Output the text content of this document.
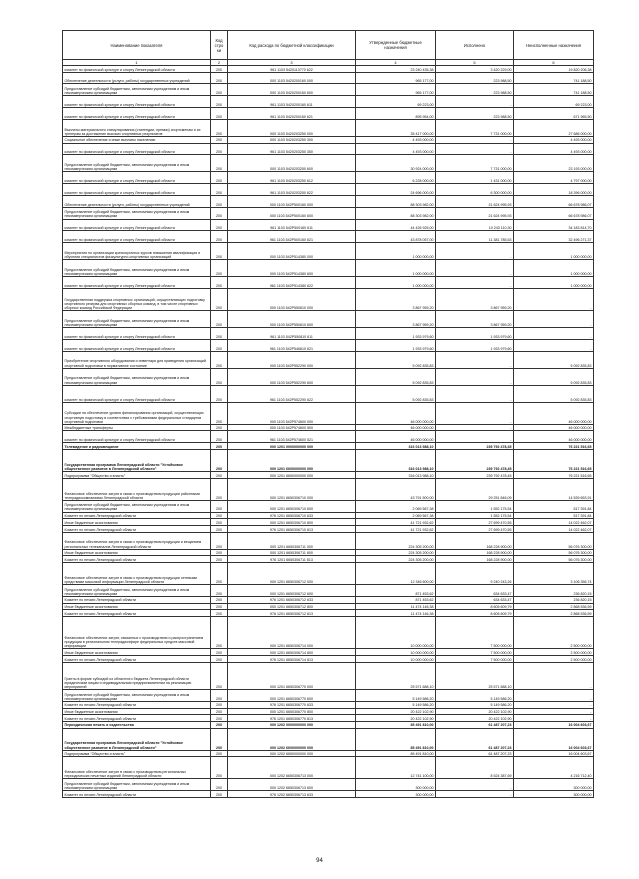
Наименование показателя	Код стро ки	Код расхода по бюджетной классификации	Утвержденные бюджетные назначения	Исполнено	Неисполненные назначения
1	2	3	4	5	6
комитет по физической культуре и спорту Ленинградской области	200	961 1103 5420113770 622	23 240 435,38	3 420 229,00	19 820 206,38
Обеспечение деятельности (услуги, работы) государственных учреждений	200	000 1103 5420200160 000	965 177,00	223 988,50	741 188,50
Предоставление субсидий бюджетным, автономным учреждениям и иным некоммерческим организациям	200	000 1103 5420200160 600	965 177,00	223 988,50	741 188,50
комитет по физической культуре и спорту Ленинградской области	200	961 1103 5420200160 611	69 223,00	-	69 223,00
комитет по физической культуре и спорту Ленинградской области	200	961 1103 5420200160 621	895 954,00	223 988,50	671 965,50
Выплаты материального стимулирования (стипендии, премии) спортсменам и их тренерам за достижение высоких спортивных результатов	200	000 1103 5420203250 000	35 417 000,00	7 731 000,00	27 686 000,00
Социальное обеспечение и иные выплаты населению	200	000 1103 5420203250 300	4 493 000,00	-	4 493 000,00
комитет по физической культуре и спорту Ленинградской области	200	961 1103 5420203250 350	4 493 000,00	-	4 493 000,00
Предоставление субсидий бюджетным, автономным учреждениям и иным некоммерческим организациям	200	000 1103 5420203250 600	30 924 000,00	7 731 000,00	23 193 000,00
комитет по физической культуре и спорту Ленинградской области	200	961 1103 5420203250 612	6 228 000,00	1 431 000,00	4 797 000,00
комитет по физической культуре и спорту Ленинградской области	200	961 1103 5420203250 622	24 696 000,00	6 300 000,00	18 396 000,00
Обеспечение деятельности (услуги, работы) государственных учреждений	200	000 1103 542P500160 000	88 303 982,00	21 624 995,93	66 678 986,07
Предоставление субсидий бюджетным, автономным учреждениям и иным некоммерческим организациям	200	000 1103 542P500160 600	88 303 982,00	21 624 995,93	66 678 986,07
комитет по физической культуре и спорту Ленинградской области	200	961 1103 542P500160 611	44 426 925,00	10 243 110,30	34 183 814,70
комитет по физической культуре и спорту Ленинградской области	200	961 1103 542P500160 621	43 878 057,00	11 381 785,63	32 496 271,37
Мероприятия по организации краткосрочных курсов повышения квалификации и обучения специалистов физкультурно-спортивных организаций	200	000 1103 542P514380 000	1 000 000,00	-	1 000 000,00
Предоставление субсидий бюджетным, автономным учреждениям и иным некоммерческим организациям	200	000 1103 542P514380 600	1 000 000,00	-	1 000 000,00
комитет по физической культуре и спорту Ленинградской области	200	961 1103 542P514380 622	1 000 000,00	-	1 000 000,00
Государственная поддержка спортивных организаций, осуществляющих подготовку спортивного резерва для спортивных сборных команд, в том числе спортивных сборных команд Российской Федерации	200	000 1103 542P550810 000	3 867 959,20	3 867 959,20	-
Предоставление субсидий бюджетным, автономным учреждениям и иным некоммерческим организациям	200	000 1103 542P550810 600	3 867 959,20	3 867 959,20	-
комитет по физической культуре и спорту Ленинградской области	200	961 1103 542P550810 611	1 933 979,60	1 933 979,60	-
комитет по физической культуре и спорту Ленинградской области	200	961 1103 542P546810 621	1 933 979,60	1 933 979,60	-
Приобретение спортивного оборудования и инвентаря для приведения организаций спортивной подготовки в нормативное состояние	200	000 1103 542P552290 000	5 092 835,83	-	5 092 835,83
Предоставление субсидий бюджетным, автономным учреждениям и иным некоммерческим организациям	200	000 1103 542P552290 600	5 092 835,83	-	5 092 835,83
комитет по физической культуре и спорту Ленинградской области	200	961 1103 542P552290 622	5 092 835,83	-	5 092 835,83
Субсидии на обеспечение уровня финансирования организаций, осуществляющих спортивную подготовку в соответствии с требованиями федеральных стандартов спортивной подготовки	200	000 1103 542P574600 000	46 000 000,00	-	46 000 000,00
Межбюджетные трансферты	200	000 1103 542P574600 500	46 000 000,00	-	46 000 000,00
комитет по физической культуре и спорту Ленинградской области	200	961 1103 542P574600 521	46 000 000,00	-	46 000 000,00
Телевидение и радиовещание	200	000 1201 0000000000 000	316 013 988,10	239 792 478,45	76 221 516,65
Государственная программа Ленинградской области "Устойчивое общественное развитие в Ленинградской области"	200	000 1201 6600000000 000	316 013 988,10	239 792 478,45	76 221 516,65
Подпрограмма "Общество и власть"	200	000 1201 6650000000 000	316 013 988,10	239 792 478,45	76 221 516,65
Финансовое обеспечение затрат в связи с производством продукции районными телерадиокомпаниями Ленинградской области	200	000 1201 6650306710 000	43 791 500,00	29 251 846,09	14 539 653,91
Предоставление субсидий бюджетным, автономным учреждениям и иным некоммерческим организациям	200	000 1201 6650306710 600	2 069 567,38	1 552 175,54	517 391,84
Комитет по печати Ленинградской области	200	976 1201 6650306710 633	2 069 567,38	1 552 175,54	517 391,84
Иные бюджетные ассигнования	200	000 1201 6650306710 800	41 721 932,62	27 699 470,55	14 022 462,07
Комитет по печати Ленинградской области	200	976 1201 6650306710 813	41 721 932,62	27 699 470,55	14 022 462,07
Финансовое обеспечение затрат в связи с производством продукции и вещанием региональных телеканалов Ленинградской области	200	000 1201 6650306711 000	224 305 200,00	168 228 900,00	56 076 300,00
Иные бюджетные ассигнования	200	000 1201 6650306711 800	224 305 200,00	168 228 900,00	56 076 300,00
Комитет по печати Ленинградской области	200	976 1201 6650306711 813	224 305 200,00	168 228 900,00	56 076 300,00
Финансовое обеспечение затрат в связи с производством продукции сетевыми средствами массовой информации Ленинградской области	200	000 1201 6650306712 000	12 346 600,00	9 240 243,26	3 106 356,74
Предоставление субсидий бюджетным, автономным учреждениям и иным некоммерческим организациям	200	000 1201 6650306712 600	871 453,62	634 633,47	236 820,15
Комитет по печати Ленинградской области	200	976 1201 6650306712 633	871 453,62	634 633,47	236 820,15
Иные бюджетные ассигнования	200	000 1201 6650306712 800	11 474 146,38	8 605 609,79	2 868 536,59
Комитет по печати Ленинградской области	200	976 1201 6650306712 813	11 474 146,38	8 605 609,79	2 868 536,59
Финансовое обеспечение затрат, связанных с производством и распространением продукции в региональном телерадиоэфире федеральных средств массовой информации	200	000 1201 6650306714 000	10 000 000,00	7 500 000,00	2 500 000,00
Иные бюджетные ассигнования	200	000 1201 6650306714 800	10 000 000,00	7 500 000,00	2 500 000,00
Комитет по печати Ленинградской области	200	976 1201 6650306714 813	10 000 000,00	7 500 000,00	2 500 000,00
Гранты в форме субсидий из областного бюджета Ленинградской области юридическим лицам и индивидуальным предпринимателям на реализацию мероприятий	200	000 1201 6650306770 000	25 571 688,10	25 571 688,10	-
Предоставление субсидий бюджетным, автономным учреждениям и иным некоммерческим организациям	200	000 1201 6650306770 600	5 149 586,20	5 149 586,20	-
Комитет по печати Ленинградской области	200	976 1201 6650306770 633	5 149 586,20	5 149 586,20	-
Иные бюджетные ассигнования	200	000 1201 6650306770 800	20 422 102,90	20 422 102,90	-
Комитет по печати Ленинградской области	200	976 1201 6650306770 813	20 422 102,90	20 422 102,90	-
Периодическая печать и издательства	200	000 1202 0000000000 000	85 491 810,00	61 487 207,23	16 004 603,67
Государственная программа Ленинградской области "Устойчивое общественное развитие в Ленинградской области"	200	000 1202 6600000000 000	85 491 810,00	61 487 207,23	16 004 603,67
Подпрограмма "Общество и власть"	200	000 1202 6650000000 000	85 491 810,00	61 487 207,23	16 004 603,67
Финансовое обеспечение затрат в связи с производством региональных периодических печатных изданий Ленинградской области	200	000 1202 6650306713 000	12 741 100,00	8 524 387,69	4 216 712,40
Предоставление субсидий бюджетным, автономным учреждениям и иным некоммерческим организациям	200	000 1202 6650306713 600	300 000,00	-	300 000,00
Комитет по печати Ленинградской области	200	976 1202 6650306713 633	300 000,00	-	300 000,00
94
